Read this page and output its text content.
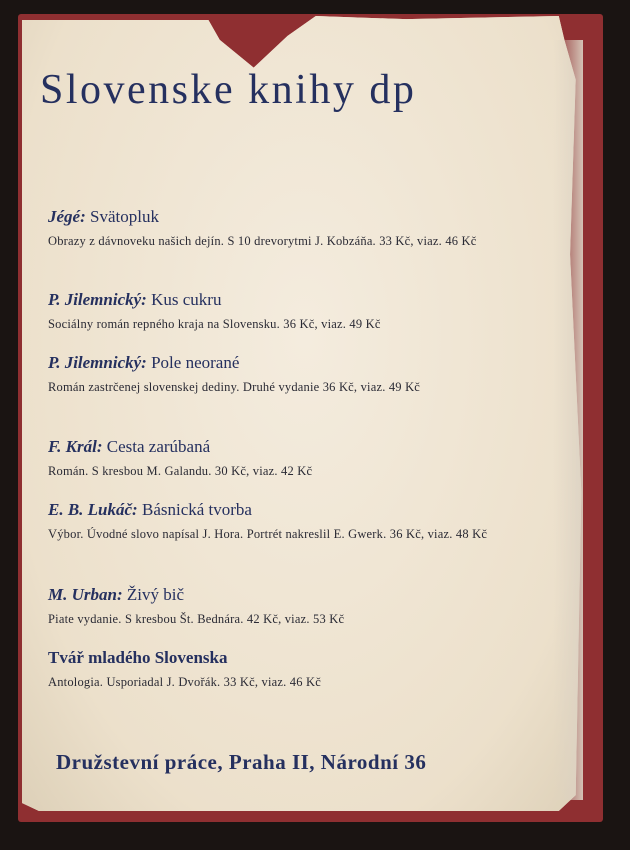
Slovenske knihy dp
Jégé: Svätopluk
Obrazy z dávnoveku našich dejín. S 10 drevorytmi J. Kobzáňa. 33 Kč, viaz. 46 Kč
P. Jilemnický: Kus cukru
Sociálny román repného kraja na Slovensku. 36 Kč, viaz. 49 Kč
P. Jilemnický: Pole neorané
Román zastrčenej slovenskej dediny. Druhé vydanie 36 Kč, viaz. 49 Kč
F. Král: Cesta zarúbaná
Román. S kresbou M. Galandu. 30 Kč, viaz. 42 Kč
E. B. Lukáč: Básnická tvorba
Výbor. Úvodné slovo napísal J. Hora. Portrét nakreslil E. Gwerk. 36 Kč, viaz. 48 Kč
M. Urban: Živý bič
Piate vydanie. S kresbou Št. Bednára. 42 Kč, viaz. 53 Kč
Tvář mladého Slovenska
Antologia. Usporiadal J. Dvořák. 33 Kč, viaz. 46 Kč
Družstevní práce, Praha II, Národní 36
